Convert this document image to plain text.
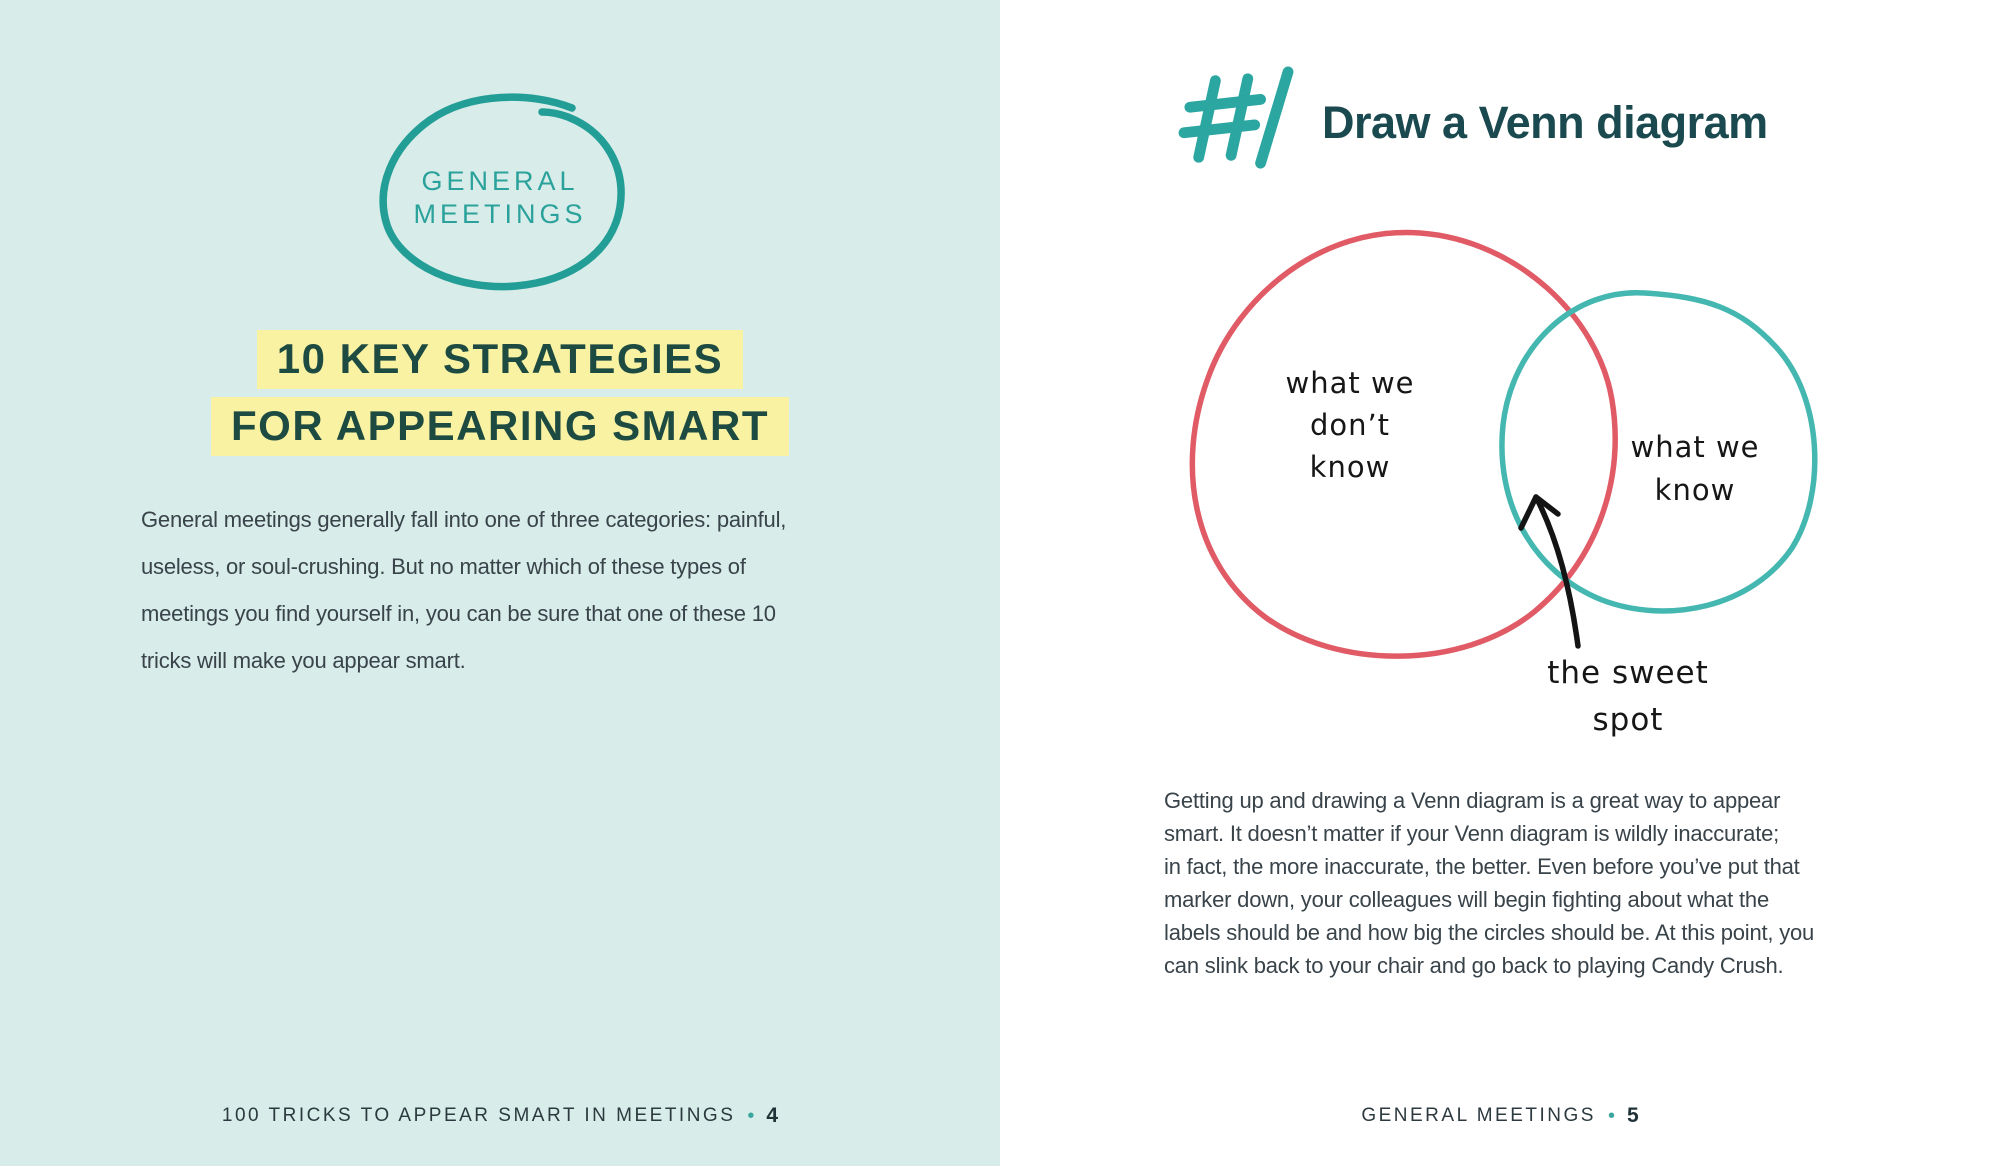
GENERAL
MEETINGS
10 KEY STRATEGIES
FOR APPEARING SMART
General meetings generally fall into one of three categories: painful,
useless, or soul-crushing. But no matter which of these types of
meetings you find yourself in, you can be sure that one of these 10
tricks will make you appear smart.
100 TRICKS TO APPEAR SMART IN MEETINGS • 4
Draw a Venn diagram
what we
don’t
know
what we
know
the sweet
spot
Getting up and drawing a Venn diagram is a great way to appear
smart. It doesn’t matter if your Venn diagram is wildly inaccurate;
in fact, the more inaccurate, the better. Even before you’ve put that
marker down, your colleagues will begin fighting about what the
labels should be and how big the circles should be. At this point, you
can slink back to your chair and go back to playing Candy Crush.
GENERAL MEETINGS • 5
